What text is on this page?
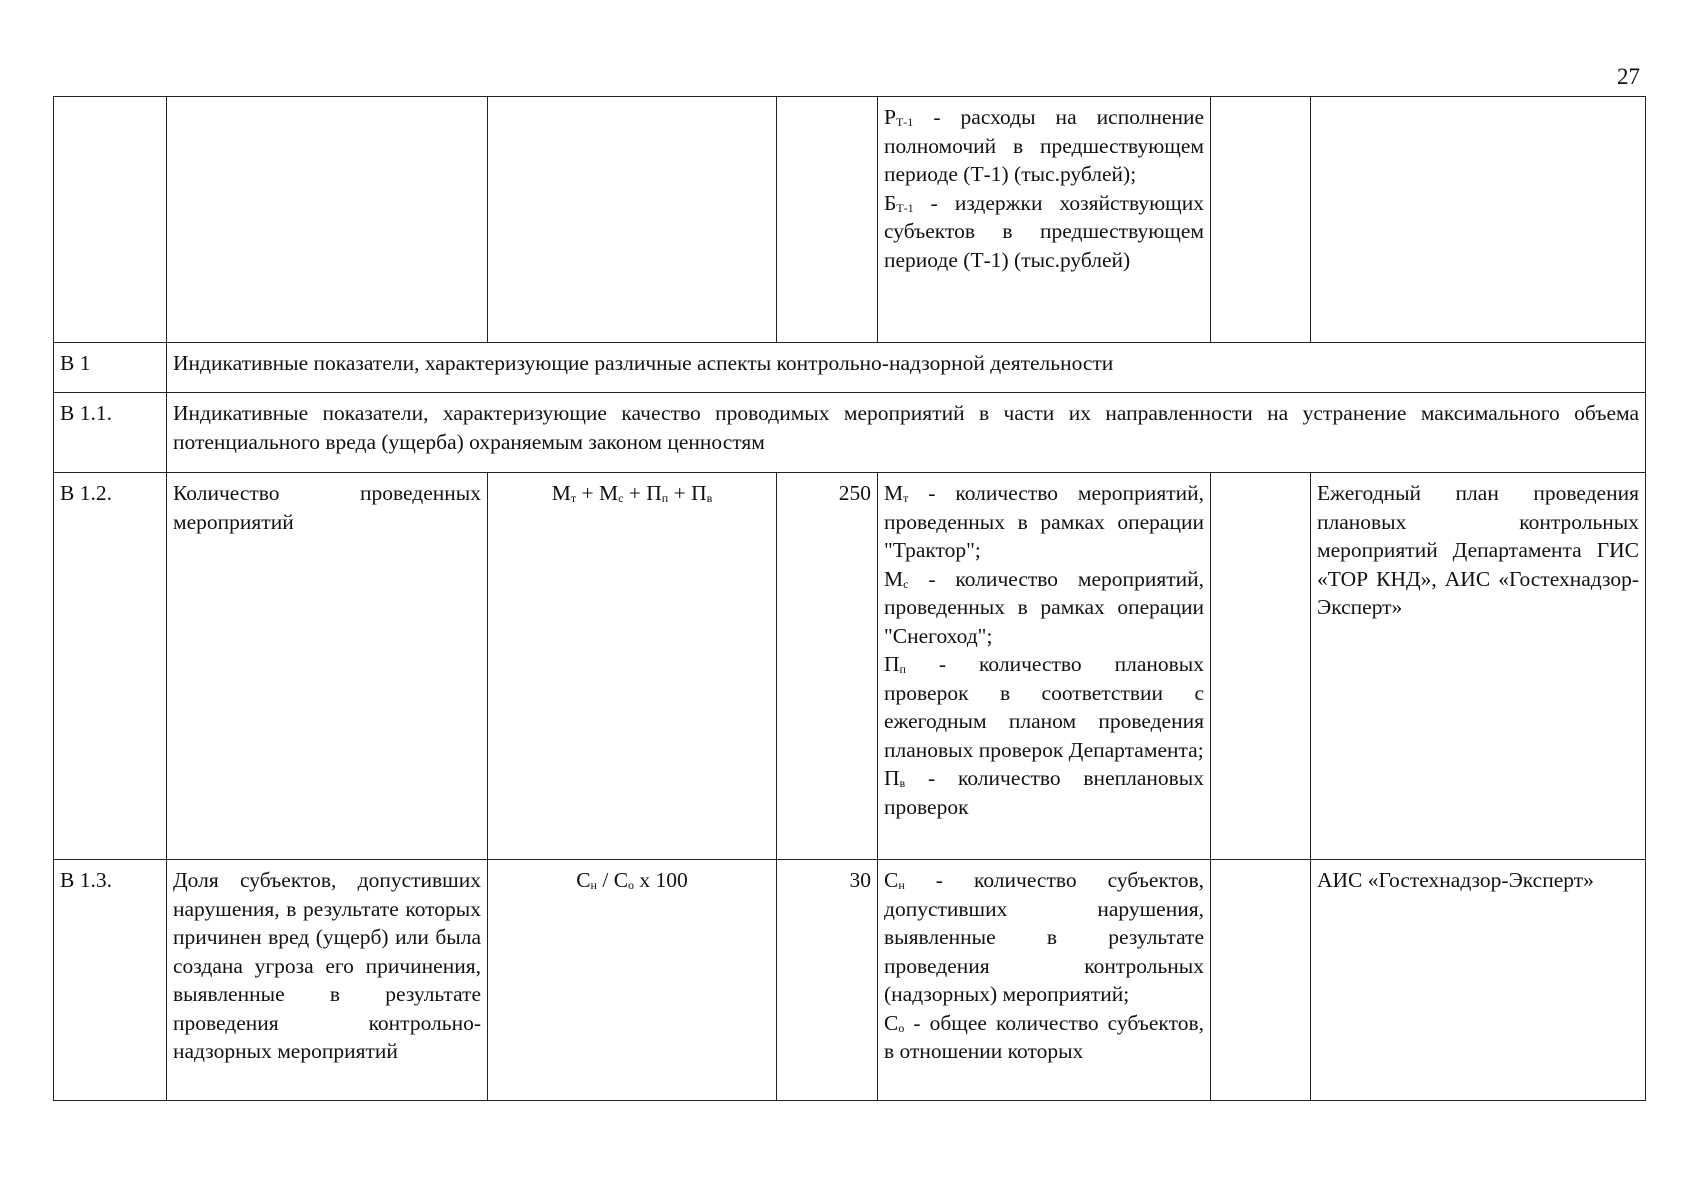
27

				$Р_{Т-1}$ - расходы на исполнение полномочий в предшествующем периоде (Т-1) (тыс.рублей);

$Б_{Т-1}$ - издержки хозяйствующих субъектов в предшествующем периоде (Т-1) (тыс.рублей)		

В 1	Индикативные показатели, характеризующие различные аспекты контрольно-надзорной деятельности					
В 1.1.	Индикативные показатели, характеризующие качество проводимых мероприятий в части их направленности на устранение максимального объема потенциального вреда (ущерба) охраняемым законом ценностям					
В 1.2.	Количество проведенных мероприятий	$М_т + М_с + П_п + П_в$	250	$М_т$ - количество мероприятий, проведенных в рамках операции "Трактор";

$М_с$ - количество мероприятий, проведенных в рамках операции "Снегоход";

$П_п$ - количество плановых проверок в соответствии с ежегодным планом проведения плановых проверок Департамента;

$П_в$ - количество внеплановых проверок		Ежегодный план проведения плановых контрольных мероприятий Департамента ГИС «ТОР КНД», АИС «Гостехнадзор-Эксперт»
В 1.3.	Доля субъектов, допустивших нарушения, в результате которых причинен вред (ущерб) или была создана угроза его причинения, выявленные в результате проведения контрольно-надзорных мероприятий	$С_н / С_о$ х 100	30	$С_н$ - количество субъектов, допустивших нарушения, выявленные в результате проведения контрольных (надзорных) мероприятий;

$С_о$ - общее количество субъектов, в отношении которых		АИС «Гостехнадзор-Эксперт»
